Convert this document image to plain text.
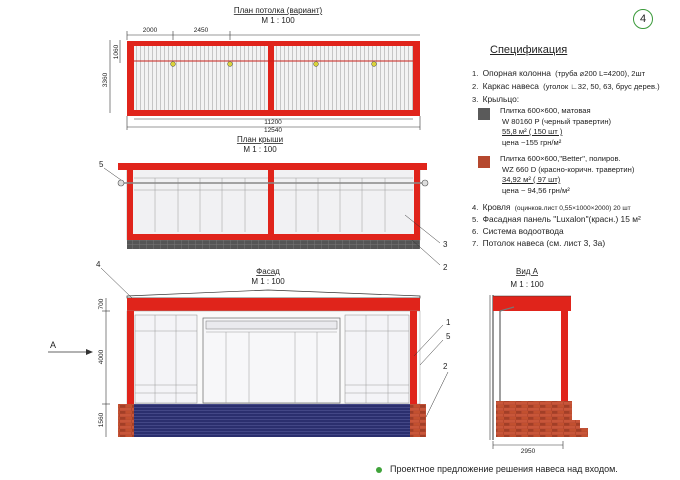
План потолка (вариант)
М 1 : 100
2000	2450
1060
3360
11200
12540
План крыши
М 1 : 100
5
3
2
Фасад
М 1 : 100
700
4000
1560
А
4
1
5
2
Вид А
М 1 : 100
2950
4
Спецификация
1. Опорная колонна (труба ⌀200 L=4200), 2шт
2. Каркас навеса (уголок ∟32, 50, 63, брус дерев.)
3. Крыльцо:
Плитка 600×600, матовая
W 80160 P (черный травертин)
55,8 м² ( 150 шт )
цена ~155 грн/м²
Плитка 600×600,"Better", полиров.
WZ 660 D (красно-коричн. травертин)
34,92 м² ( 97 шт)
цена ~ 94,56 грн/м²
4. Кровля (оцинков.лист 0,55×1000×2000) 20 шт
5. Фасадная панель "Luxalon"(красн.) 15 м²
6. Система водоотвода
7. Потолок навеса (см. лист 3, 3а)
Проектное предложение решения навеса над входом.
